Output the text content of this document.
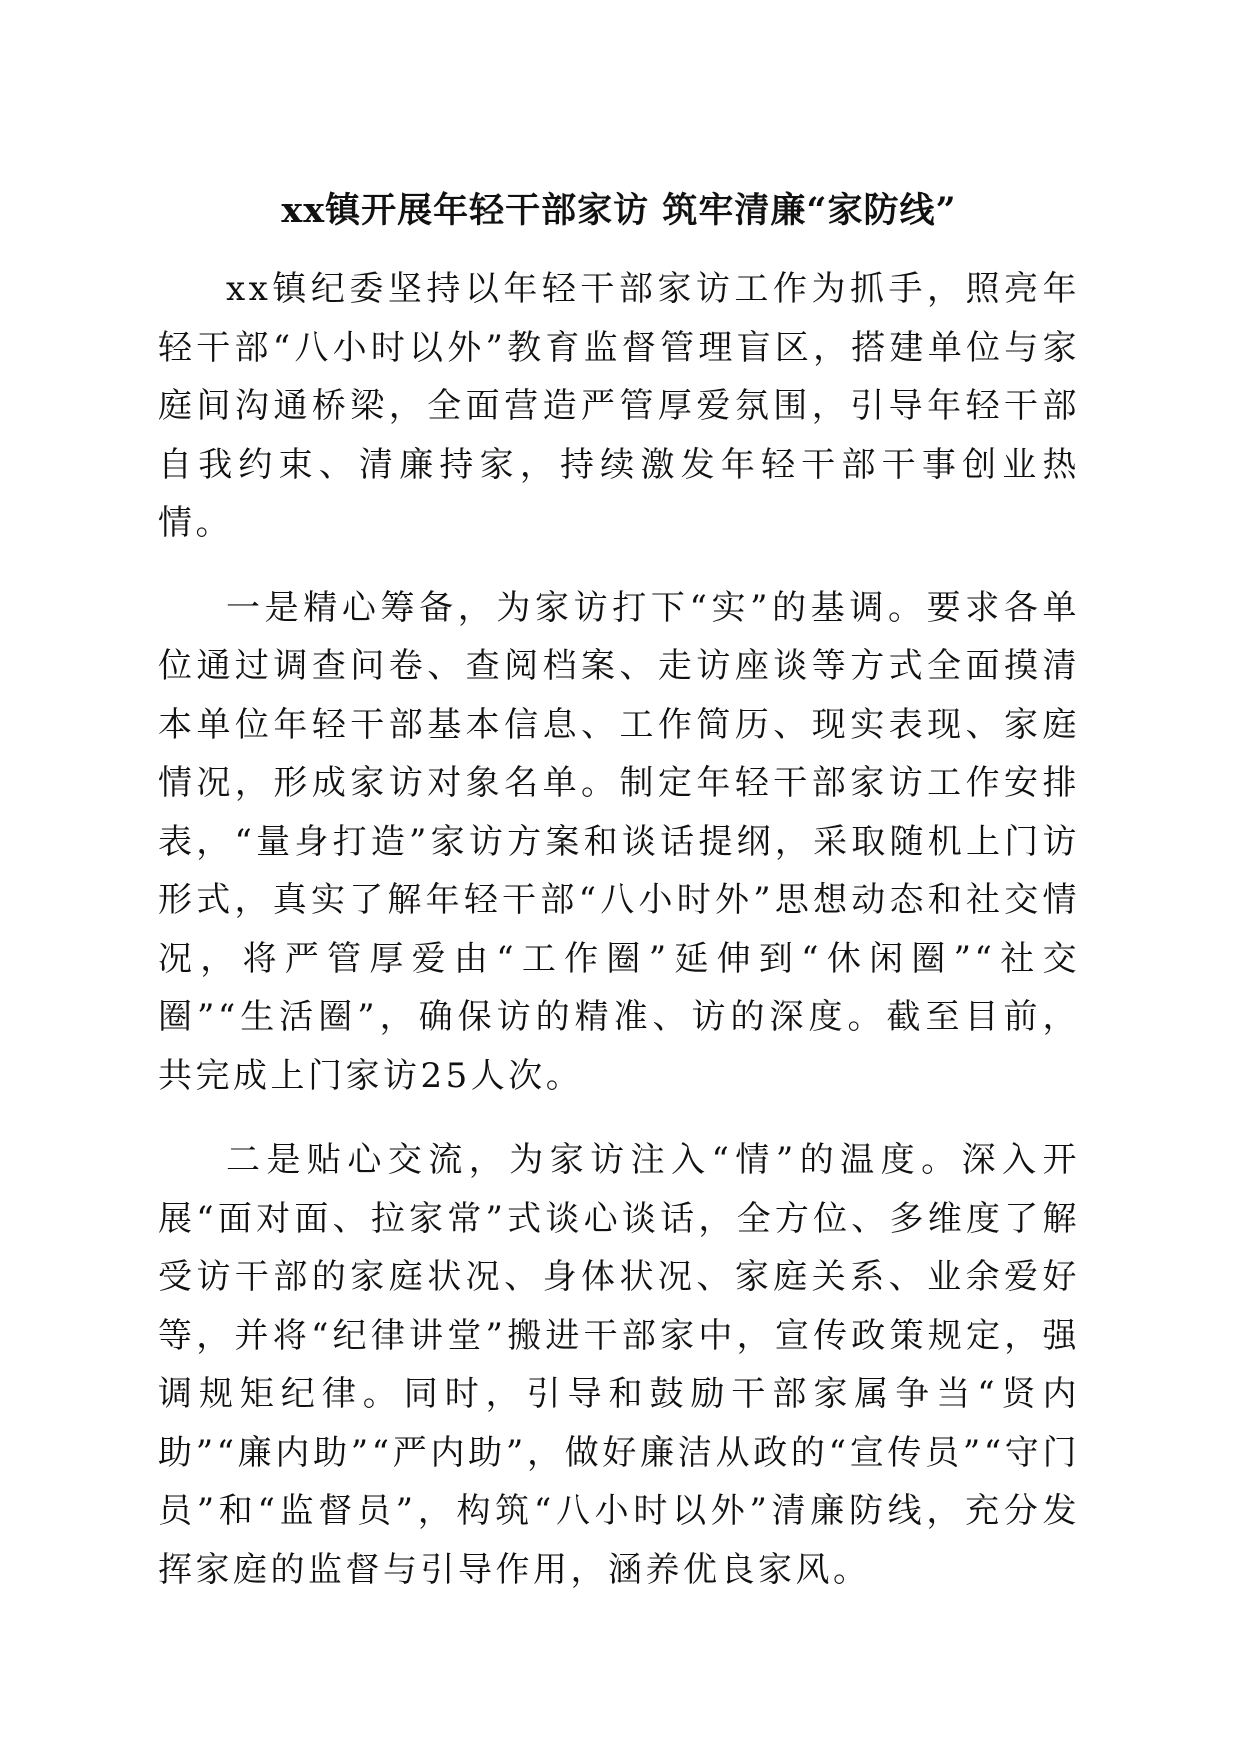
xx镇开展年轻干部家访 筑牢清廉“家防线”

xx镇纪委坚持以年轻干部家访工作为抓手，照亮年轻干部“八小时以外”教育监督管理盲区，搭建单位与家庭间沟通桥梁，全面营造严管厚爱氛围，引导年轻干部自我约束、清廉持家，持续激发年轻干部干事创业热情。

一是精心筹备，为家访打下“实”的基调。要求各单位通过调查问卷、查阅档案、走访座谈等方式全面摸清本单位年轻干部基本信息、工作简历、现实表现、家庭情况，形成家访对象名单。制定年轻干部家访工作安排表，“量身打造”家访方案和谈话提纲，采取随机上门访形式，真实了解年轻干部“八小时外”思想动态和社交情况，将严管厚爱由“工作圈”延伸到“休闲圈”“社交圈”“生活圈”，确保访的精准、访的深度。截至目前，共完成上门家访25人次。

二是贴心交流，为家访注入“情”的温度。深入开展“面对面、拉家常”式谈心谈话，全方位、多维度了解受访干部的家庭状况、身体状况、家庭关系、业余爱好等，并将“纪律讲堂”搬进干部家中，宣传政策规定，强调规矩纪律。同时，引导和鼓励干部家属争当“贤内助”“廉内助”“严内助”，做好廉洁从政的“宣传员”“守门员”和“监督员”，构筑“八小时以外”清廉防线，充分发挥家庭的监督与引导作用，涵养优良家风。
